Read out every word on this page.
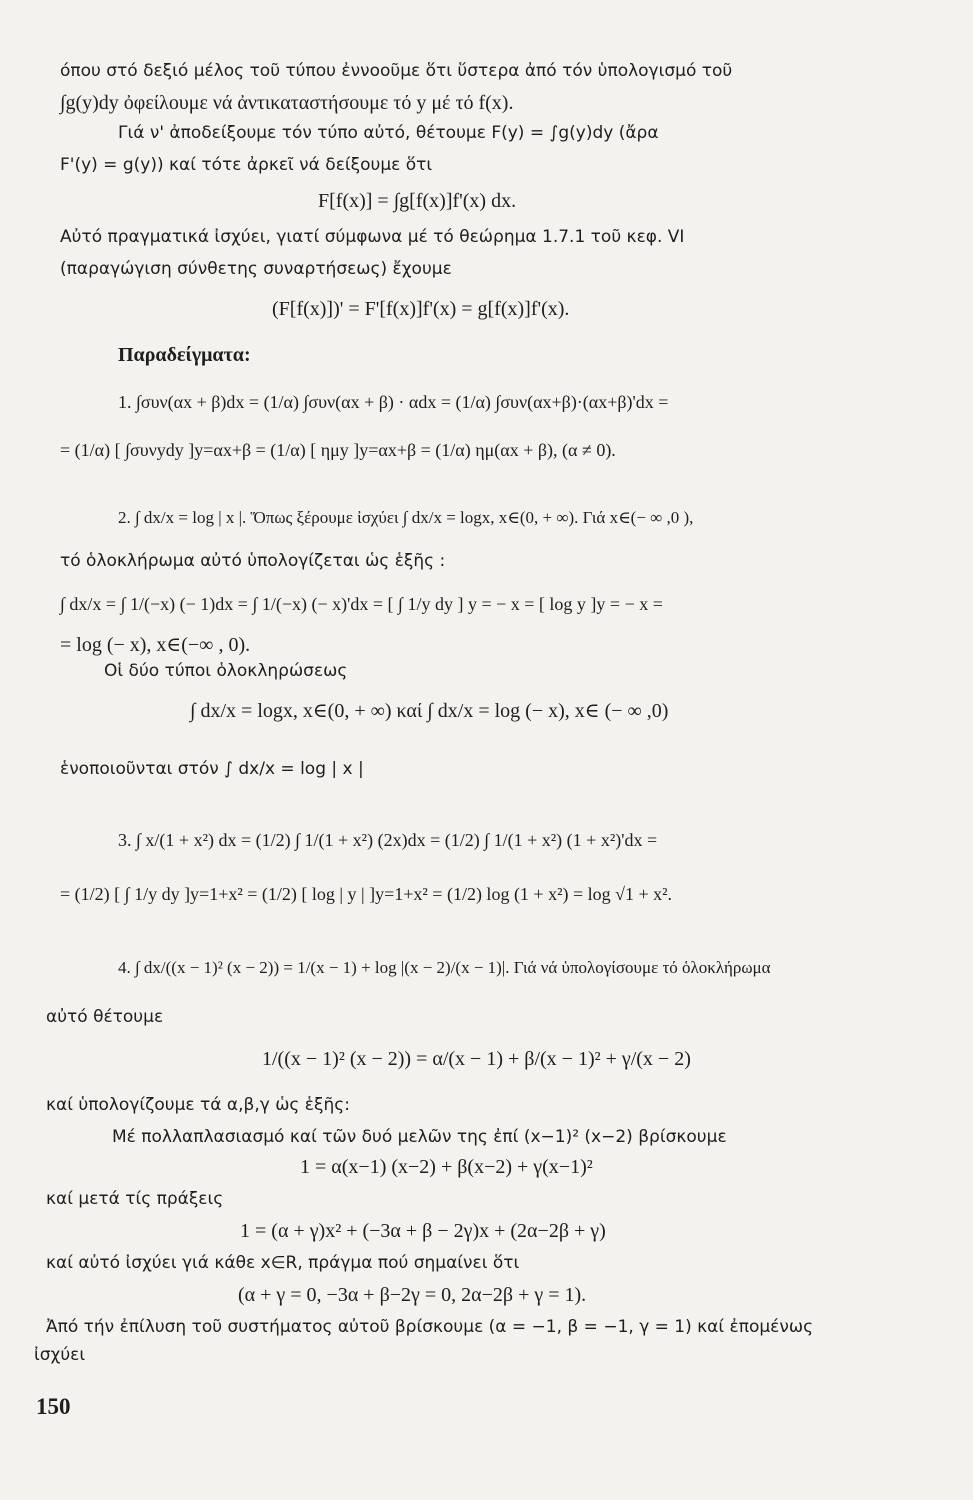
όπου στό δεξιό μέλος τοῦ τύπου ἐννοοῦμε ὅτι ὕστερα ἀπό τόν ὑπολογισμό τοῦ
∫g(y)dy ὀφείλουμε νά ἀντικαταστήσουμε τό y μέ τό f(x).
Γιά ν' ἀποδείξουμε τόν τύπο αὐτό, θέτουμε F(y) = ∫g(y)dy (ἄρα
F'(y) = g(y)) καί τότε ἀρκεῖ νά δείξουμε ὅτι
F[f(x)] = ∫g[f(x)]f'(x) dx.
Αὐτό πραγματικά ἰσχύει, γιατί σύμφωνα μέ τό θεώρημα 1.7.1 τοῦ κεφ. VI
(παραγώγιση σύνθετης συναρτήσεως) ἔχουμε
(F[f(x)])' = F'[f(x)]f'(x) = g[f(x)]f'(x).
Παραδείγματα:
1. ∫συν(αx + β)dx = (1/α) ∫συν(αx + β) · αdx = (1/α) ∫συν(αx+β)·(αx+β)'dx =
= (1/α) [ ∫συνydy ]y=αx+β = (1/α) [ ημy ]y=αx+β = (1/α) ημ(αx + β), (α ≠ 0).
2. ∫ dx/x = log | x |. Ὅπως ξέρουμε ἰσχύει ∫ dx/x = logx, x∈(0, + ∞). Γιά x∈(− ∞ ,0 ),
τό ὁλοκλήρωμα αὐτό ὑπολογίζεται ὡς ἑξῆς :
∫ dx/x = ∫ 1/(−x) (− 1)dx = ∫ 1/(−x) (− x)'dx = [ ∫ 1/y dy ] y = − x = [ log y ]y = − x =
= log (− x), x∈(−∞ , 0).
Οἱ δύο τύποι ὁλοκληρώσεως
∫ dx/x = logx, x∈(0, + ∞) καί ∫ dx/x = log (− x), x∈ (− ∞ ,0)
ἑνοποιοῦνται στόν ∫ dx/x = log | x |
3. ∫ x/(1 + x²) dx = (1/2) ∫ 1/(1 + x²) (2x)dx = (1/2) ∫ 1/(1 + x²) (1 + x²)'dx =
= (1/2) [ ∫ 1/y dy ]y=1+x² = (1/2) [ log | y | ]y=1+x² = (1/2) log (1 + x²) = log √1 + x².
4. ∫ dx/((x − 1)² (x − 2)) = 1/(x − 1) + log |(x − 2)/(x − 1)|. Γιά νά ὑπολογίσουμε τό ὁλοκλήρωμα
αὐτό θέτουμε
1/((x − 1)² (x − 2)) = α/(x − 1) + β/(x − 1)² + γ/(x − 2)
καί ὑπολογίζουμε τά α,β,γ ὡς ἑξῆς:
Μέ πολλαπλασιασμό καί τῶν δυό μελῶν της ἐπί (x−1)² (x−2) βρίσκουμε
1 = α(x−1) (x−2) + β(x−2) + γ(x−1)²
καί μετά τίς πράξεις
1 = (α + γ)x² + (−3α + β − 2γ)x + (2α−2β + γ)
καί αὐτό ἰσχύει γιά κάθε x∈R, πράγμα πού σημαίνει ὅτι
(α + γ = 0, −3α + β−2γ = 0, 2α−2β + γ = 1).
Ἀπό τήν ἐπίλυση τοῦ συστήματος αὐτοῦ βρίσκουμε (α = −1, β = −1, γ = 1) καί ἐπομένως
ἰσχύει
150
